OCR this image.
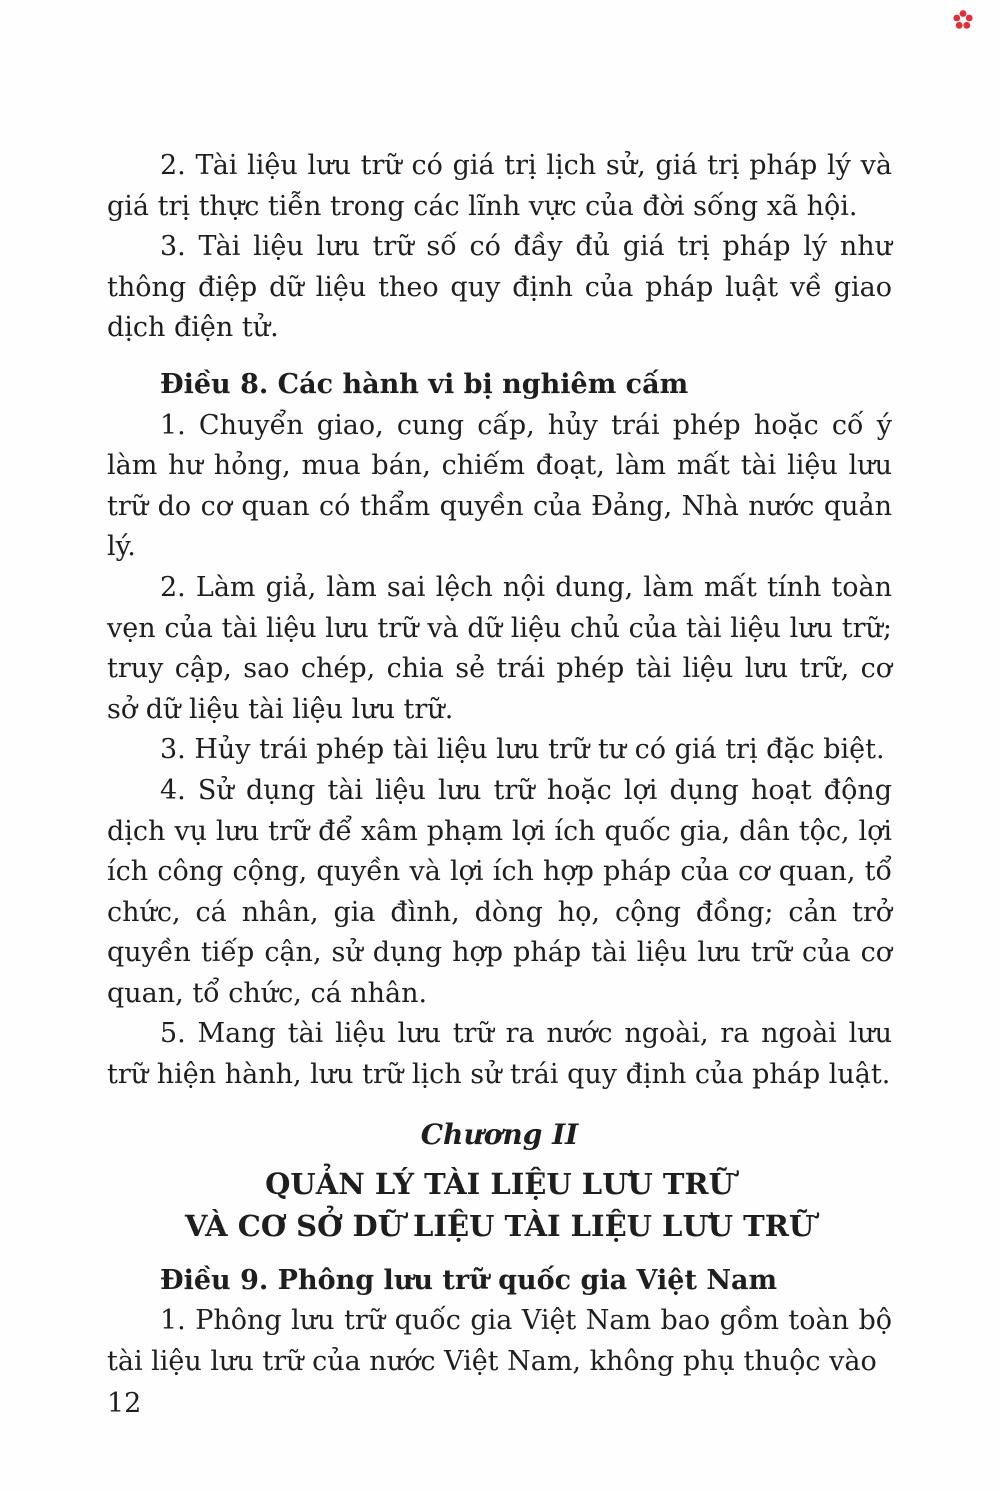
2. Tài liệu lưu trữ có giá trị lịch sử, giá trị pháp lý và giá trị thực tiễn trong các lĩnh vực của đời sống xã hội.

3. Tài liệu lưu trữ số có đầy đủ giá trị pháp lý như thông điệp dữ liệu theo quy định của pháp luật về giao dịch điện tử.

Điều 8. Các hành vi bị nghiêm cấm

1. Chuyển giao, cung cấp, hủy trái phép hoặc cố ý làm hư hỏng, mua bán, chiếm đoạt, làm mất tài liệu lưu trữ do cơ quan có thẩm quyền của Đảng, Nhà nước quản lý.

2. Làm giả, làm sai lệch nội dung, làm mất tính toàn vẹn của tài liệu lưu trữ và dữ liệu chủ của tài liệu lưu trữ; truy cập, sao chép, chia sẻ trái phép tài liệu lưu trữ, cơ sở dữ liệu tài liệu lưu trữ.

3. Hủy trái phép tài liệu lưu trữ tư có giá trị đặc biệt.

4. Sử dụng tài liệu lưu trữ hoặc lợi dụng hoạt động dịch vụ lưu trữ để xâm phạm lợi ích quốc gia, dân tộc, lợi ích công cộng, quyền và lợi ích hợp pháp của cơ quan, tổ chức, cá nhân, gia đình, dòng họ, cộng đồng; cản trở quyền tiếp cận, sử dụng hợp pháp tài liệu lưu trữ của cơ quan, tổ chức, cá nhân.

5. Mang tài liệu lưu trữ ra nước ngoài, ra ngoài lưu trữ hiện hành, lưu trữ lịch sử trái quy định của pháp luật.

Chương II
QUẢN LÝ TÀI LIỆU LƯU TRỮ
VÀ CƠ SỞ DỮ LIỆU TÀI LIỆU LƯU TRỮ
Điều 9. Phông lưu trữ quốc gia Việt Nam

1. Phông lưu trữ quốc gia Việt Nam bao gồm toàn bộ tài liệu lưu trữ của nước Việt Nam, không phụ thuộc vào

12
